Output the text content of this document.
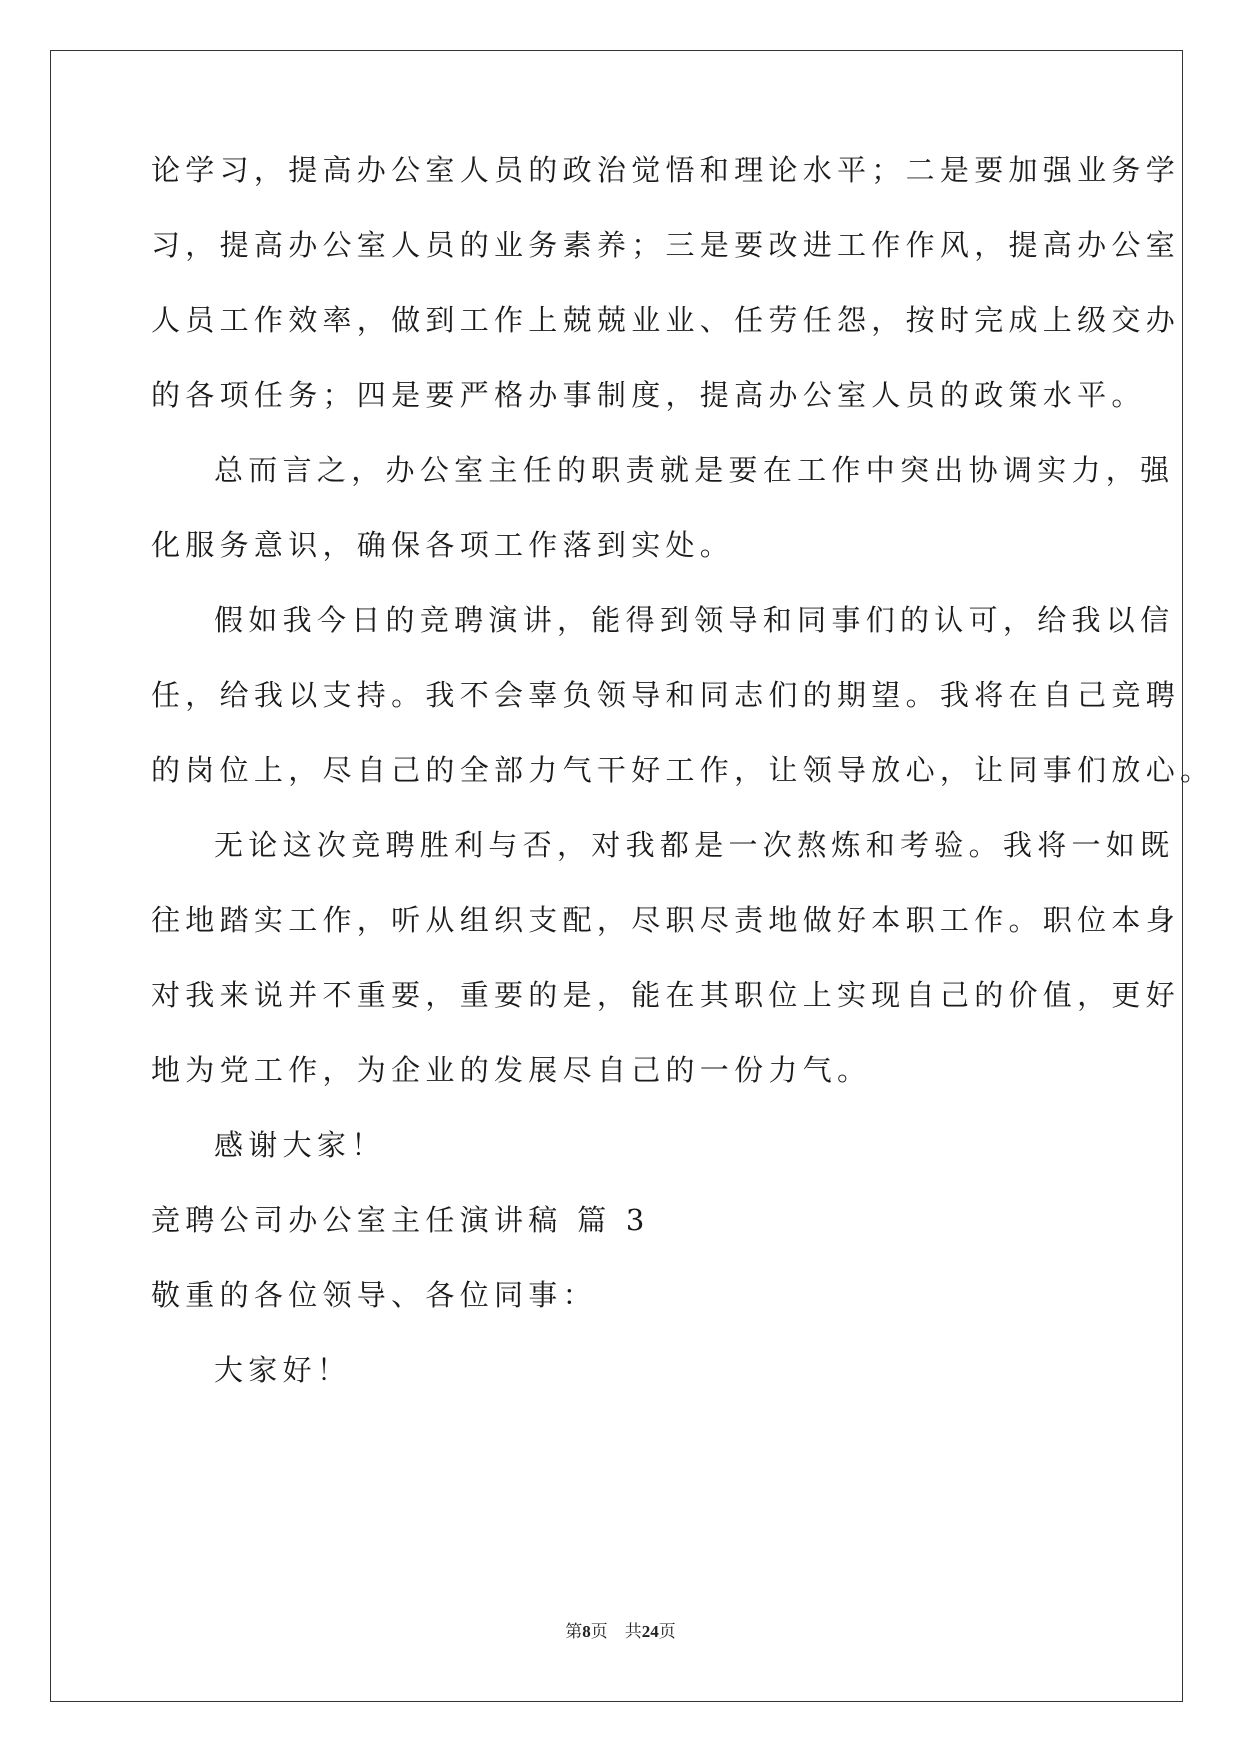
论学习，提高办公室人员的政治觉悟和理论水平；二是要加强业务学
习，提高办公室人员的业务素养；三是要改进工作作风，提高办公室
人员工作效率，做到工作上兢兢业业、任劳任怨，按时完成上级交办
的各项任务；四是要严格办事制度，提高办公室人员的政策水平。
总而言之，办公室主任的职责就是要在工作中突出协调实力，强
化服务意识，确保各项工作落到实处。
假如我今日的竞聘演讲，能得到领导和同事们的认可，给我以信
任，给我以支持。我不会辜负领导和同志们的期望。我将在自己竞聘
的岗位上，尽自己的全部力气干好工作，让领导放心，让同事们放心。
无论这次竞聘胜利与否，对我都是一次熬炼和考验。我将一如既
往地踏实工作，听从组织支配，尽职尽责地做好本职工作。职位本身
对我来说并不重要，重要的是，能在其职位上实现自己的价值，更好
地为党工作，为企业的发展尽自己的一份力气。
感谢大家！
竞聘公司办公室主任演讲稿 篇 3
敬重的各位领导、各位同事：
大家好！
第8页 共24页
